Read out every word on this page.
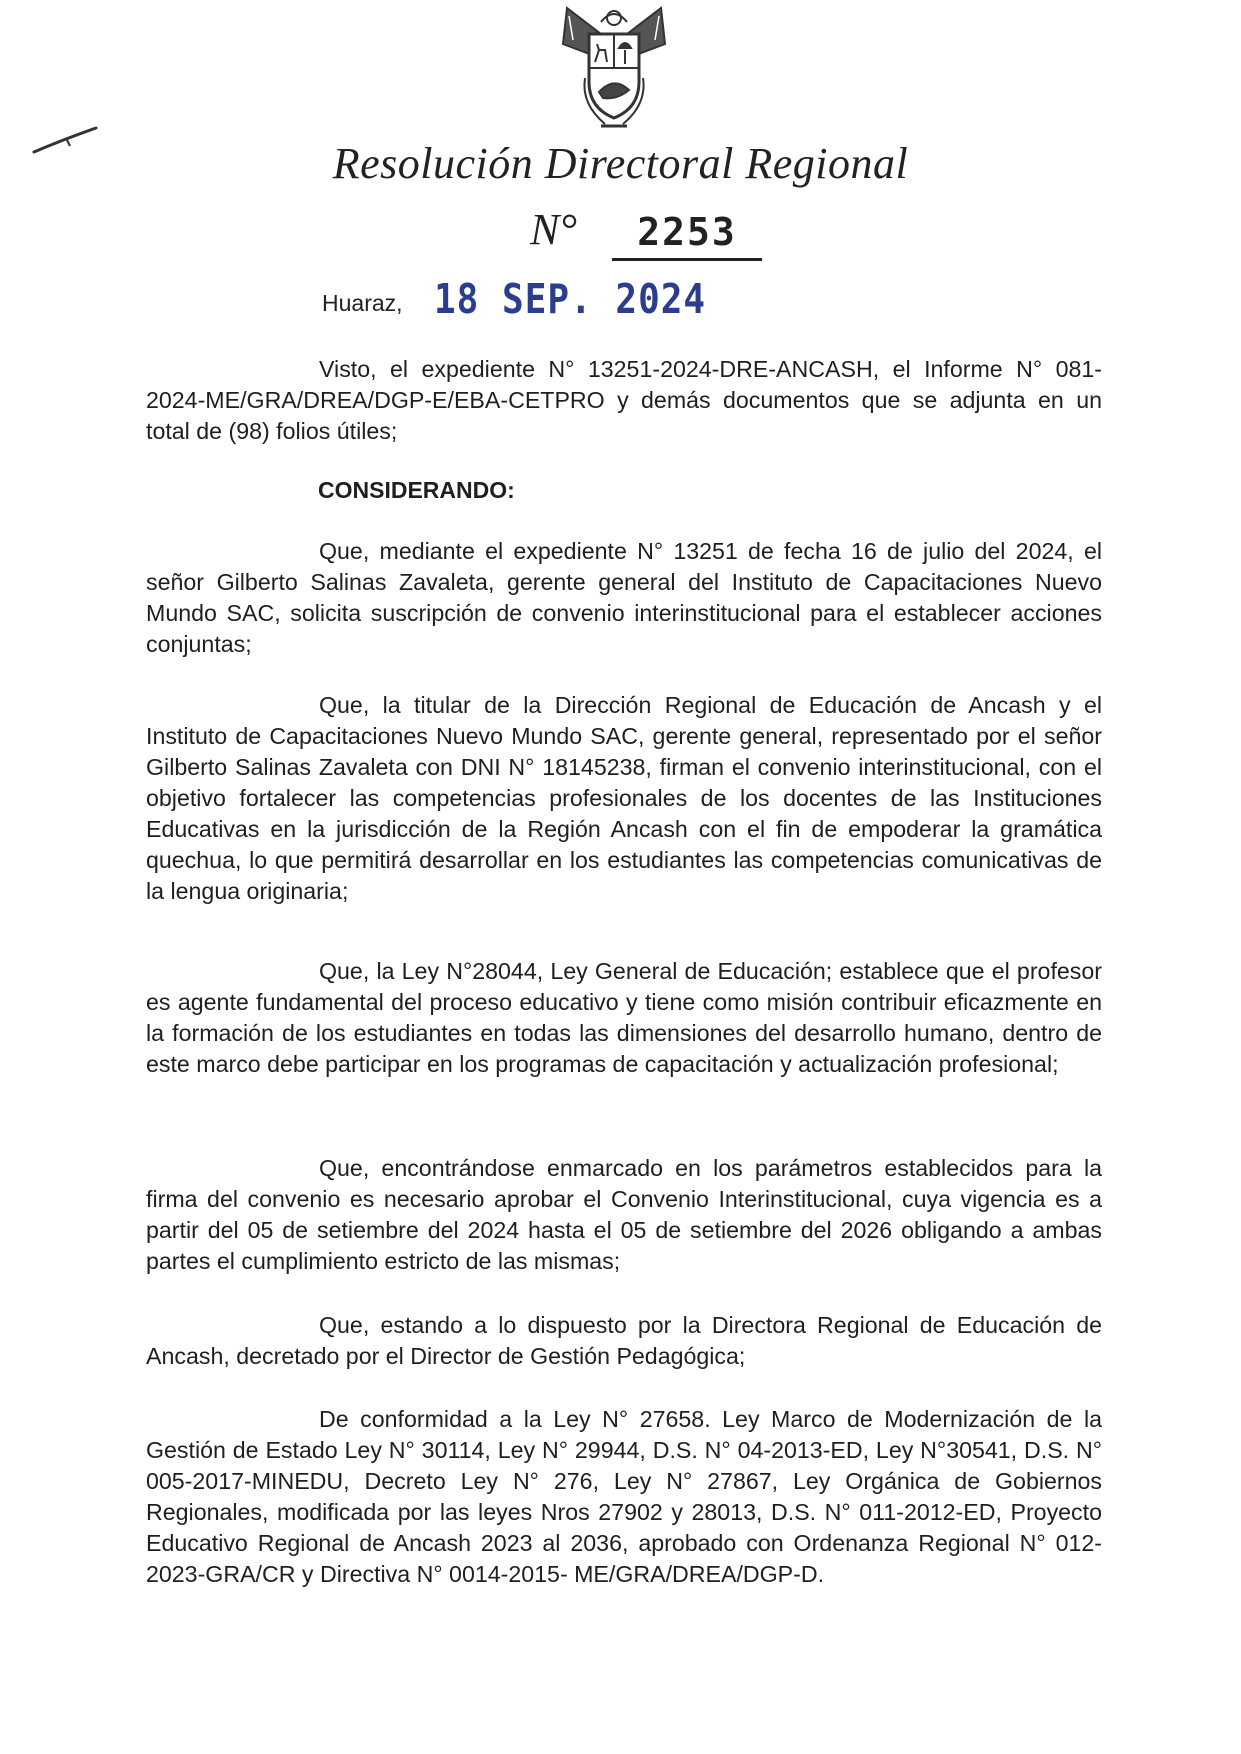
Resolución Directoral Regional
N°	2253
Huaraz, 18 SEP. 2024
Visto, el expediente N° 13251-2024-DRE-ANCASH, el Informe N° 081-2024-ME/GRA/DREA/DGP-E/EBA-CETPRO y demás documentos que se adjunta en un total de (98) folios útiles;
CONSIDERANDO:
Que, mediante el expediente N° 13251 de fecha 16 de julio del 2024, el señor Gilberto Salinas Zavaleta, gerente general del Instituto de Capacitaciones Nuevo Mundo SAC, solicita suscripción de convenio interinstitucional para el establecer acciones conjuntas;
Que, la titular de la Dirección Regional de Educación de Ancash y el Instituto de Capacitaciones Nuevo Mundo SAC, gerente general, representado por el señor Gilberto Salinas Zavaleta con DNI N° 18145238, firman el convenio interinstitucional, con el objetivo fortalecer las competencias profesionales de los docentes de las Instituciones Educativas en la jurisdicción de la Región Ancash con el fin de empoderar la gramática quechua, lo que permitirá desarrollar en los estudiantes las competencias comunicativas de la lengua originaria;
Que, la Ley N°28044, Ley General de Educación; establece que el profesor es agente fundamental del proceso educativo y tiene como misión contribuir eficazmente en la formación de los estudiantes en todas las dimensiones del desarrollo humano, dentro de este marco debe participar en los programas de capacitación y actualización profesional;
Que, encontrándose enmarcado en los parámetros establecidos para la firma del convenio es necesario aprobar el Convenio Interinstitucional, cuya vigencia es a partir del 05 de setiembre del 2024 hasta el 05 de setiembre del 2026 obligando a ambas partes el cumplimiento estricto de las mismas;
Que, estando a lo dispuesto por la Directora Regional de Educación de Ancash, decretado por el Director de Gestión Pedagógica;
De conformidad a la Ley N° 27658. Ley Marco de Modernización de la Gestión de Estado Ley N° 30114, Ley N° 29944, D.S. N° 04-2013-ED, Ley N°30541, D.S. N° 005-2017-MINEDU, Decreto Ley N° 276, Ley N° 27867, Ley Orgánica de Gobiernos Regionales, modificada por las leyes Nros 27902 y 28013, D.S. N° 011-2012-ED, Proyecto Educativo Regional de Ancash 2023 al 2036, aprobado con Ordenanza Regional N° 012-2023-GRA/CR y Directiva N° 0014-2015- ME/GRA/DREA/DGP-D.
